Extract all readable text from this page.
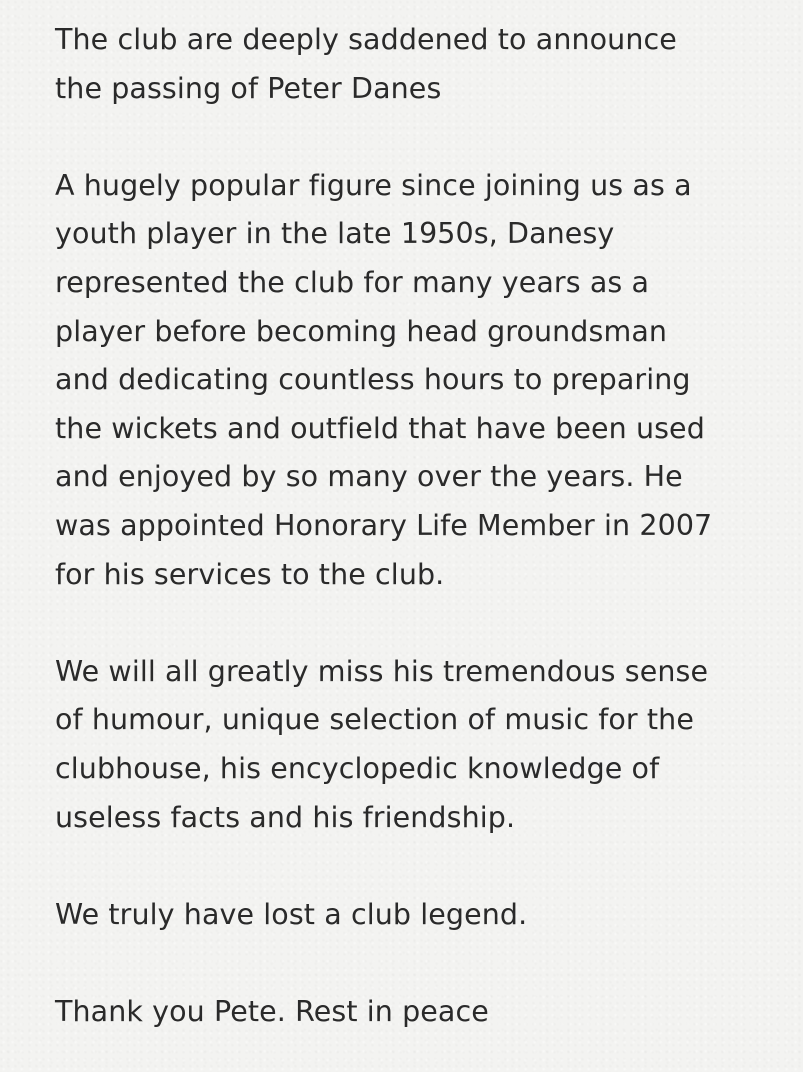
The club are deeply saddened to announce
the passing of Peter Danes

A hugely popular figure since joining us as a
youth player in the late 1950s, Danesy
represented the club for many years as a
player before becoming head groundsman
and dedicating countless hours to preparing
the wickets and outfield that have been used
and enjoyed by so many over the years. He
was appointed Honorary Life Member in 2007
for his services to the club.

We will all greatly miss his tremendous sense
of humour, unique selection of music for the
clubhouse, his encyclopedic knowledge of
useless facts and his friendship.

We truly have lost a club legend.

Thank you Pete. Rest in peace
